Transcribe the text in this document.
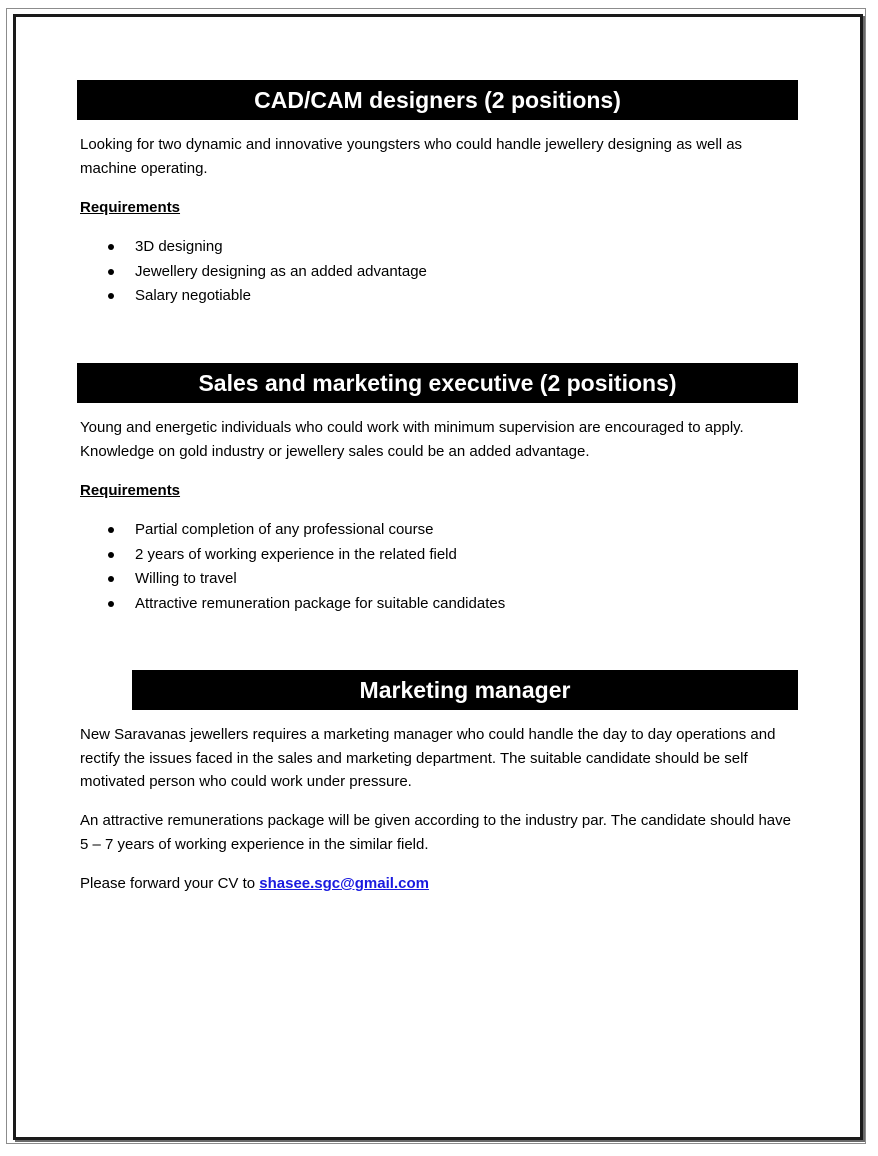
CAD/CAM designers (2 positions)

Looking for two dynamic and innovative youngsters who could handle jewellery designing as well as machine operating.

Requirements

3D designing
Jewellery designing as an added advantage
Salary negotiable
Sales and marketing executive (2 positions)

Young and energetic individuals who could work with minimum supervision are encouraged to apply. Knowledge on gold industry or jewellery sales could be an added advantage.

Requirements

Partial completion of any professional course
2 years of working experience in the related field
Willing to travel
Attractive remuneration package for suitable candidates
Marketing manager

New Saravanas jewellers requires a marketing manager who could handle the day to day operations and rectify the issues faced in the sales and marketing department. The suitable candidate should be self motivated person who could work under pressure.

An attractive remunerations package will be given according to the industry par. The candidate should have 5 – 7 years of working experience in the similar field.

Please forward your CV to shasee.sgc@gmail.com
